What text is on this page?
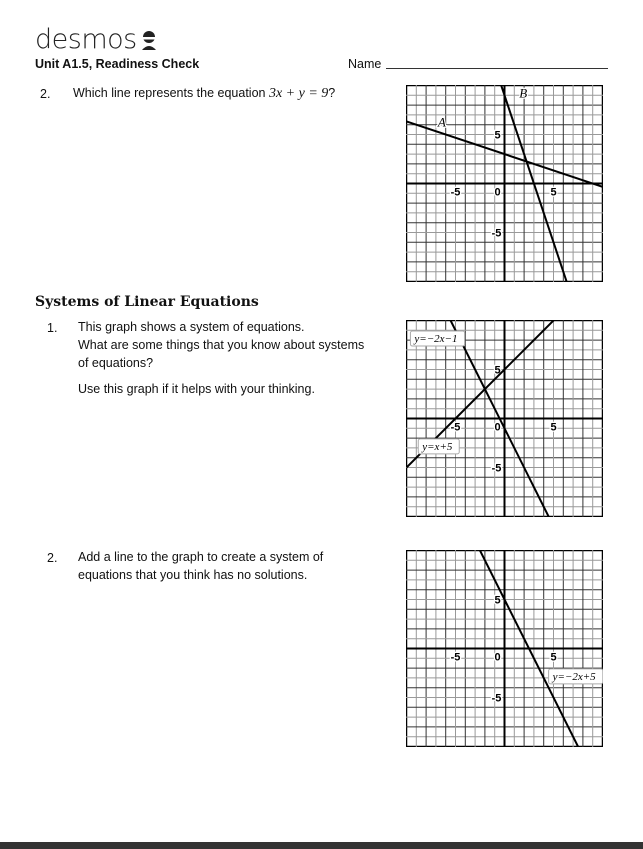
desmos
Unit A1.5, Readiness Check	Name
2. Which line represents the equation 3x + y = 9?
Systems of Linear Equations
1. This graph shows a system of equations.
What are some things that you know about systems
of equations?
Use this graph if it helps with your thinking.
2. Add a line to the graph to create a system of
equations that you think has no solutions.
-5	0	5
5
-5
A
B
-5	0	5
5
-5
y=−2x−1
y=x+5
-5	0	5
5
-5
y=−2x+5
